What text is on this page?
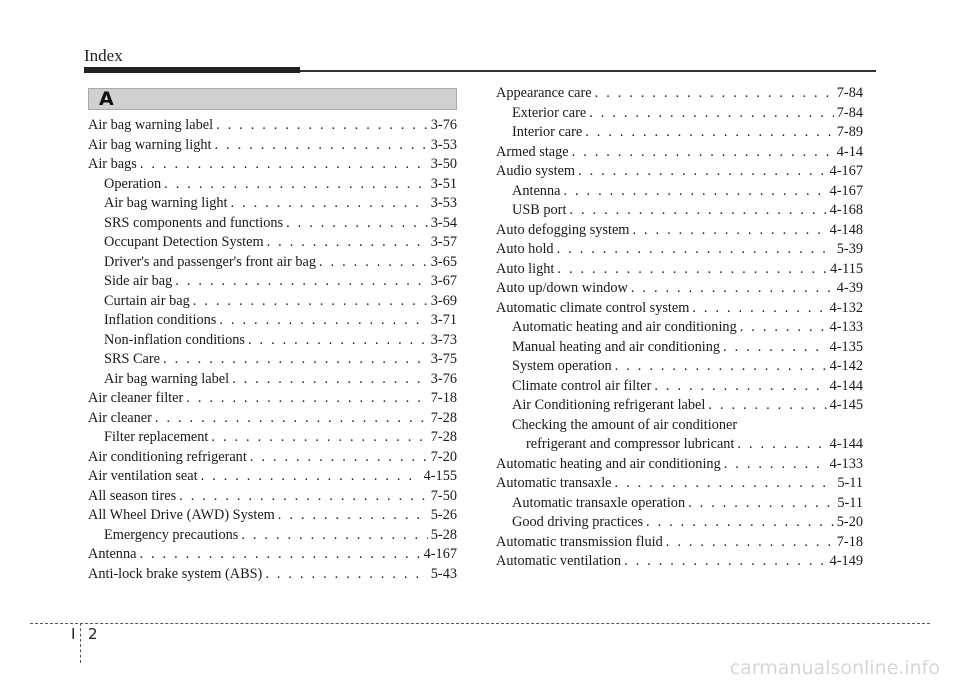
Index
A
Air bag warning label . . .	3-76
Air bag warning light . . .	3-53
Air bags . . .	3-50
Operation . . .	3-51
Air bag warning light . . .	3-53
SRS components and functions . . .	3-54
Occupant Detection System . . .	3-57
Driver's and passenger's front air bag . . .	3-65
Side air bag . . .	3-67
Curtain air bag . . .	3-69
Inflation conditions . . .	3-71
Non-inflation conditions . . .	3-73
SRS Care . . .	3-75
Air bag warning label . . .	3-76
Air cleaner filter . . .	7-18
Air cleaner . . .	7-28
Filter replacement . . .	7-28
Air conditioning refrigerant . . .	7-20
Air ventilation seat . . .	4-155
All season tires . . .	7-50
All Wheel Drive (AWD) System . . .	5-26
Emergency precautions . . .	5-28
Antenna . . .	4-167
Anti-lock brake system (ABS) . . .	5-43
Appearance care . . .	7-84
Exterior care . . .	7-84
Interior care . . .	7-89
Armed stage . . .	4-14
Audio system . . .	4-167
Antenna . . .	4-167
USB port . . .	4-168
Auto defogging system . . .	4-148
Auto hold . . .	5-39
Auto light . . .	4-115
Auto up/down window . . .	4-39
Automatic climate control system . . .	4-132
Automatic heating and air conditioning . . .	4-133
Manual heating and air conditioning . . .	4-135
System operation . . .	4-142
Climate control air filter . . .	4-144
Air Conditioning refrigerant label . . .	4-145
Checking the amount of air conditioner
refrigerant and compressor lubricant . . .	4-144
Automatic heating and air conditioning . . .	4-133
Automatic transaxle . . .	5-11
Automatic transaxle operation . . .	5-11
Good driving practices . . .	5-20
Automatic transmission fluid . . .	7-18
Automatic ventilation . . .	4-149
I 2
carmanualsonline.info
